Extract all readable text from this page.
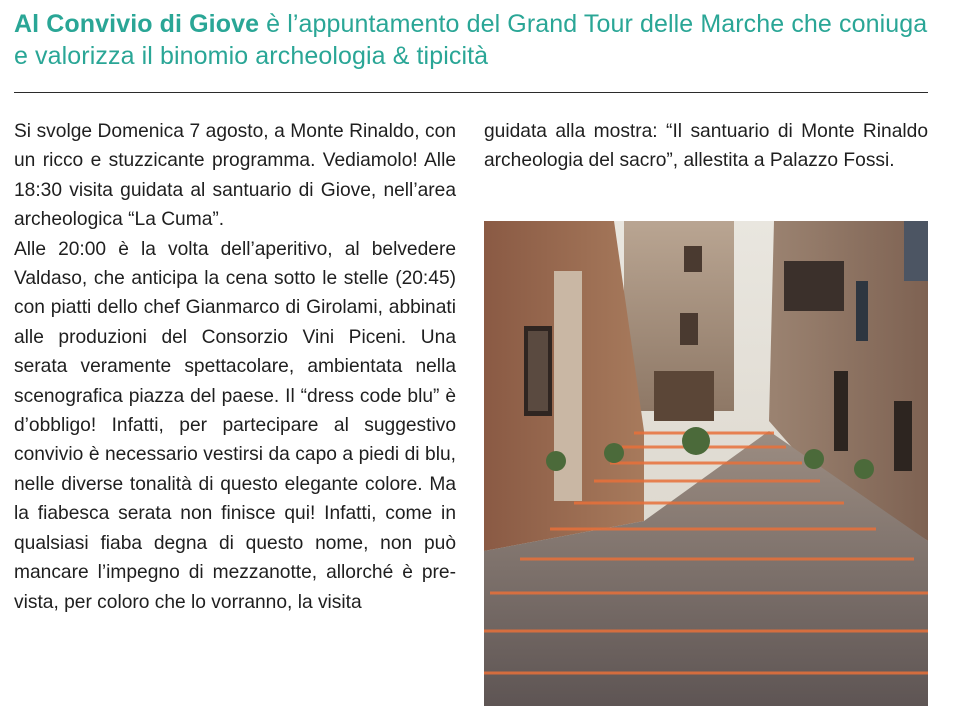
Al Convivio di Giove è l’appuntamento del Grand Tour delle Marche che coniuga e valorizza il binomio archeologia & tipicità

Si svolge Domenica 7 agosto, a Monte Rinaldo, con un ricco e stuzzicante programma. Vediamolo! Alle 18:30 visita guidata al santuario di Giove, nell’area archeologica “La Cuma”.

Alle 20:00 è la volta dell’aperitivo, al belvedere Valdaso, che anticipa la cena sotto le stelle (20:45) con piatti dello chef Gianmarco di Girolami, abbinati alle produzioni del Consorzio Vini Piceni. Una serata veramente spettacolare, ambientata nella scenografica piazza del paese. Il “dress code blu” è d’obbligo! Infatti, per partecipare al suggestivo convivio è necessario vestirsi da capo a piedi di blu, nelle diverse tonalità di questo elegante colore. Ma la fiabesca serata non finisce qui! Infatti, come in qualsiasi fiaba degna di questo nome, non può mancare l’impegno di mezzanotte, allorché è prevista, per coloro che lo vorranno, la visita

guidata alla mostra: “Il santuario di Monte Rinaldo archeologia del sacro”, allestita a Palazzo Fossi.
